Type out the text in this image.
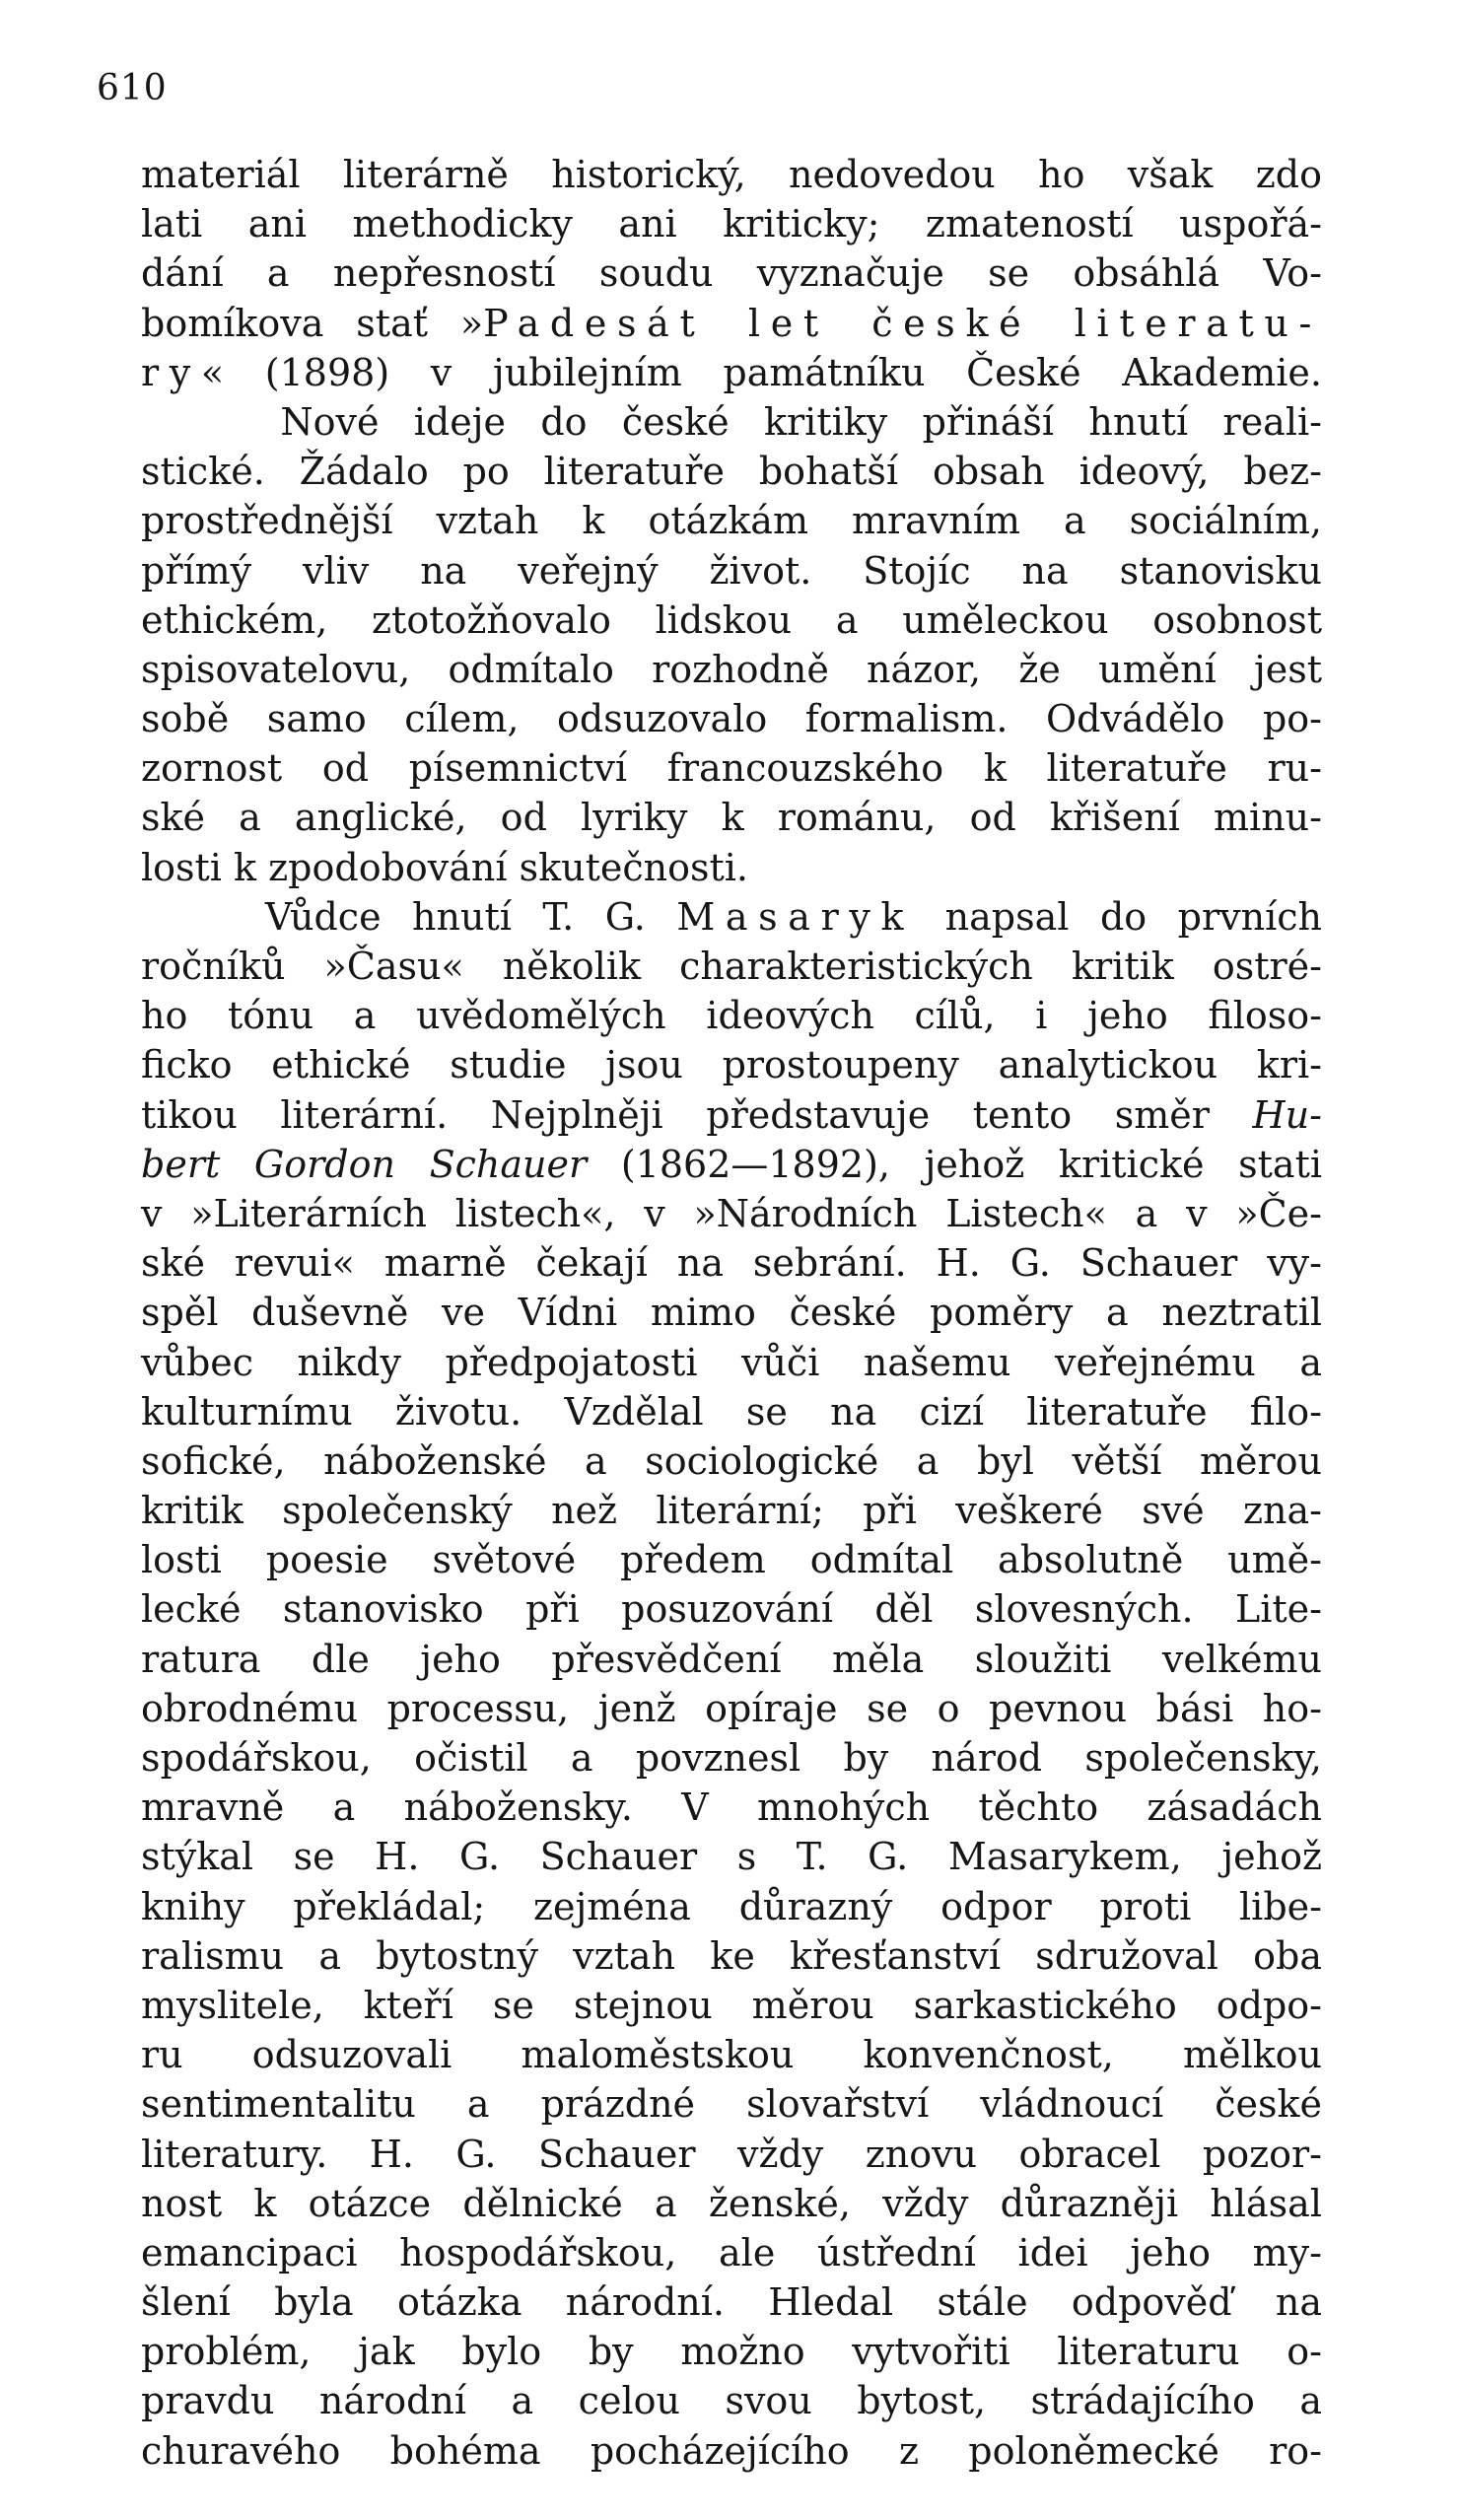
610
materiál literárně historický, nedovedou ho však zdo
lati ani methodicky ani kriticky; zmateností uspořá-
dání a nepřesností soudu vyznačuje se obsáhlá Vo-
bomíkova stať »Padesát let české literatu-
ry« (1898) v jubilejním památníku České Akademie.
Nové ideje do české kritiky přináší hnutí reali-
stické. Žádalo po literatuře bohatší obsah ideový, bez-
prostřednější vztah k otázkám mravním a sociálním,
přímý vliv na veřejný život. Stojíc na stanovisku
ethickém, ztotožňovalo lidskou a uměleckou osobnost
spisovatelovu, odmítalo rozhodně názor, že umění jest
sobě samo cílem, odsuzovalo formalism. Odvádělo po-
zornost od písemnictví francouzského k literatuře ru-
ské a anglické, od lyriky k románu, od křišení minu-
losti k zpodobování skutečnosti.
Vůdce hnutí T. G. Masaryk napsal do prvních
ročníků »Času« několik charakteristických kritik ostré-
ho tónu a uvědomělých ideových cílů, i jeho filoso-
ficko ethické studie jsou prostoupeny analytickou kri-
tikou literární. Nejplněji představuje tento směr Hu-
bert Gordon Schauer (1862—1892), jehož kritické stati
v »Literárních listech«, v »Národních Listech« a v »Če-
ské revui« marně čekají na sebrání. H. G. Schauer vy-
spěl duševně ve Vídni mimo české poměry a neztratil
vůbec nikdy předpojatosti vůči našemu veřejnému a
kulturnímu životu. Vzdělal se na cizí literatuře filo-
sofické, náboženské a sociologické a byl větší měrou
kritik společenský než literární; při veškeré své zna-
losti poesie světové předem odmítal absolutně umě-
lecké stanovisko při posuzování děl slovesných. Lite-
ratura dle jeho přesvědčení měla sloužiti velkému
obrodnému processu, jenž opíraje se o pevnou bási ho-
spodářskou, očistil a povznesl by národ společensky,
mravně a nábožensky. V mnohých těchto zásadách
stýkal se H. G. Schauer s T. G. Masarykem, jehož
knihy překládal; zejména důrazný odpor proti libe-
ralismu a bytostný vztah ke křesťanství sdružoval oba
myslitele, kteří se stejnou měrou sarkastického odpo-
ru odsuzovali maloměstskou konvenčnost, mělkou
sentimentalitu a prázdné slovařství vládnoucí české
literatury. H. G. Schauer vždy znovu obracel pozor-
nost k otázce dělnické a ženské, vždy důrazněji hlásal
emancipaci hospodářskou, ale ústřední idei jeho my-
šlení byla otázka národní. Hledal stále odpověď na
problém, jak bylo by možno vytvořiti literaturu o-
pravdu národní a celou svou bytost, strádajícího a
churavého bohéma pocházejícího z poloněmecké ro-
